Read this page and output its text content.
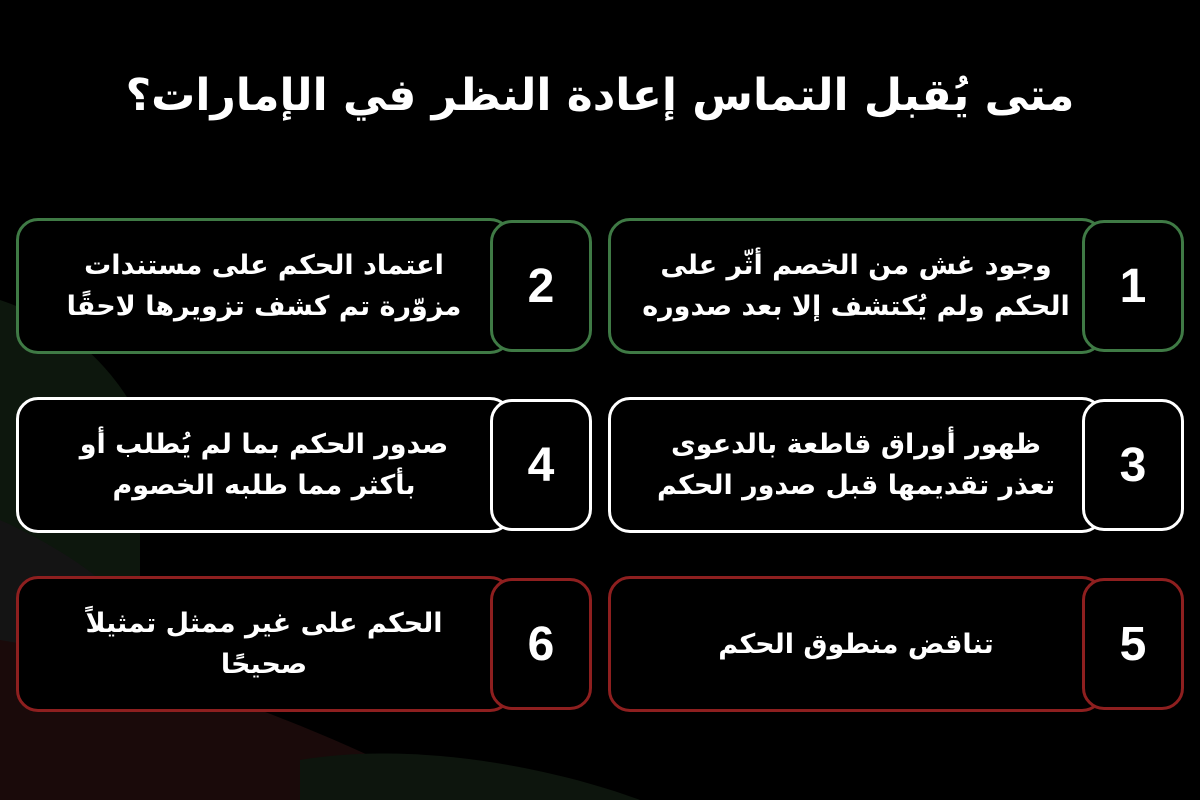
متى يُقبل التماس إعادة النظر في الإمارات؟
وجود غش من الخصم أثّر على الحكم ولم يُكتشف إلا بعد صدوره	1
اعتماد الحكم على مستندات مزوّرة تم كشف تزويرها لاحقًا	2
ظهور أوراق قاطعة بالدعوى تعذر تقديمها قبل صدور الحكم	3
صدور الحكم بما لم يُطلب أو بأكثر مما طلبه الخصوم	4
تناقض منطوق الحكم	5
الحكم على غير ممثل تمثيلاً صحيحًا	6
